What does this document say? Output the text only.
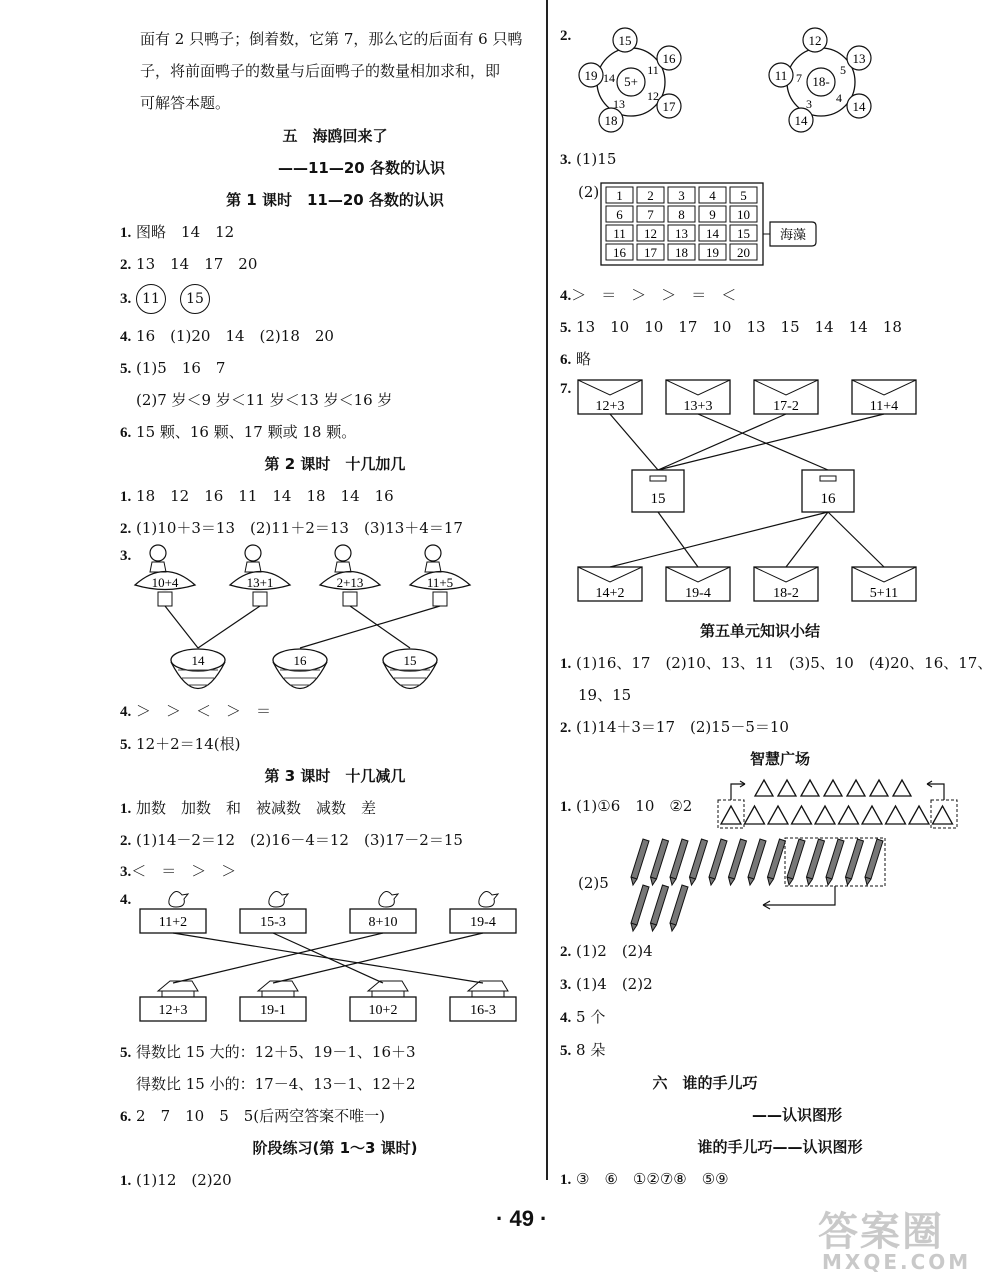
面有 2 只鸭子；倒着数，它第 7，那么它的后面有 6 只鸭
子，将前面鸭子的数量与后面鸭子的数量相加求和，即
可解答本题。
五　海鸥回来了
——11—20 各数的认识
第 1 课时　11—20 各数的认识
1. 图略　14　12
2. 13　14　17　20
3. 11 15
4. 16　(1)20　14　(2)18　20
5. (1)5　16　7
(2)7 岁＜9 岁＜11 岁＜13 岁＜16 岁
6. 15 颗、16 颗、17 颗或 18 颗。
第 2 课时　十几加几
1. 18　12　16　11　14　18　14　16
2. (1)10＋3＝13　(2)11＋2＝13　(3)13＋4＝17
3.
10+4	13+1	2+13	11+5
14	16	15
4. ＞　＞　＜　＞　＝
5. 12＋2＝14(根)
第 3 课时　十几减几
1. 加数　加数　和　被减数　减数　差
2. (1)14－2＝12　(2)16－4＝12　(3)17－2＝15
3.＜　＝　＞　＞
4.
11+2	15-3	8+10	19-4
12+3	19-1	10+2	16-3
5. 得数比 15 大的：12＋5、19－1、16＋3
得数比 15 小的：17－4、13－1、12＋2
6. 2　7　10　5　5(后两空答案不唯一)
阶段练习(第 1～3 课时)
1. (1)12　(2)20
2.
5+
14
11
13
12
15
16
19
17
18
18-
7
5
3 4
12
13
11
14
14
3. (1)15
(2) 1 2 3 4 5
6 7 8 9 10
11 12 13 14 15
16 17 18 19 20
海藻
4.＞　＝　＞　＞　＝　＜
5. 13　10　10　17　10　13　15　14　14　18
6. 略
7.
12+3	13+3	17-2	11+4
15	16
14+2	19-4	18-2	5+11
第五单元知识小结
1. (1)16、17　(2)10、13、11　(3)5、10　(4)20、16、17、
19、15
2. (1)14＋3＝17　(2)15－5＝10
智慧广场
1. (1)①6　10　②2
(2)5
2. (1)2　(2)4
3. (1)4　(2)2
4. 5 个
5. 8 朵
六　谁的手儿巧
——认识图形
谁的手儿巧——认识图形
1. ③　⑥　①②⑦⑧　⑤⑨
· 49 ·	答案圈
MXQE.COM
